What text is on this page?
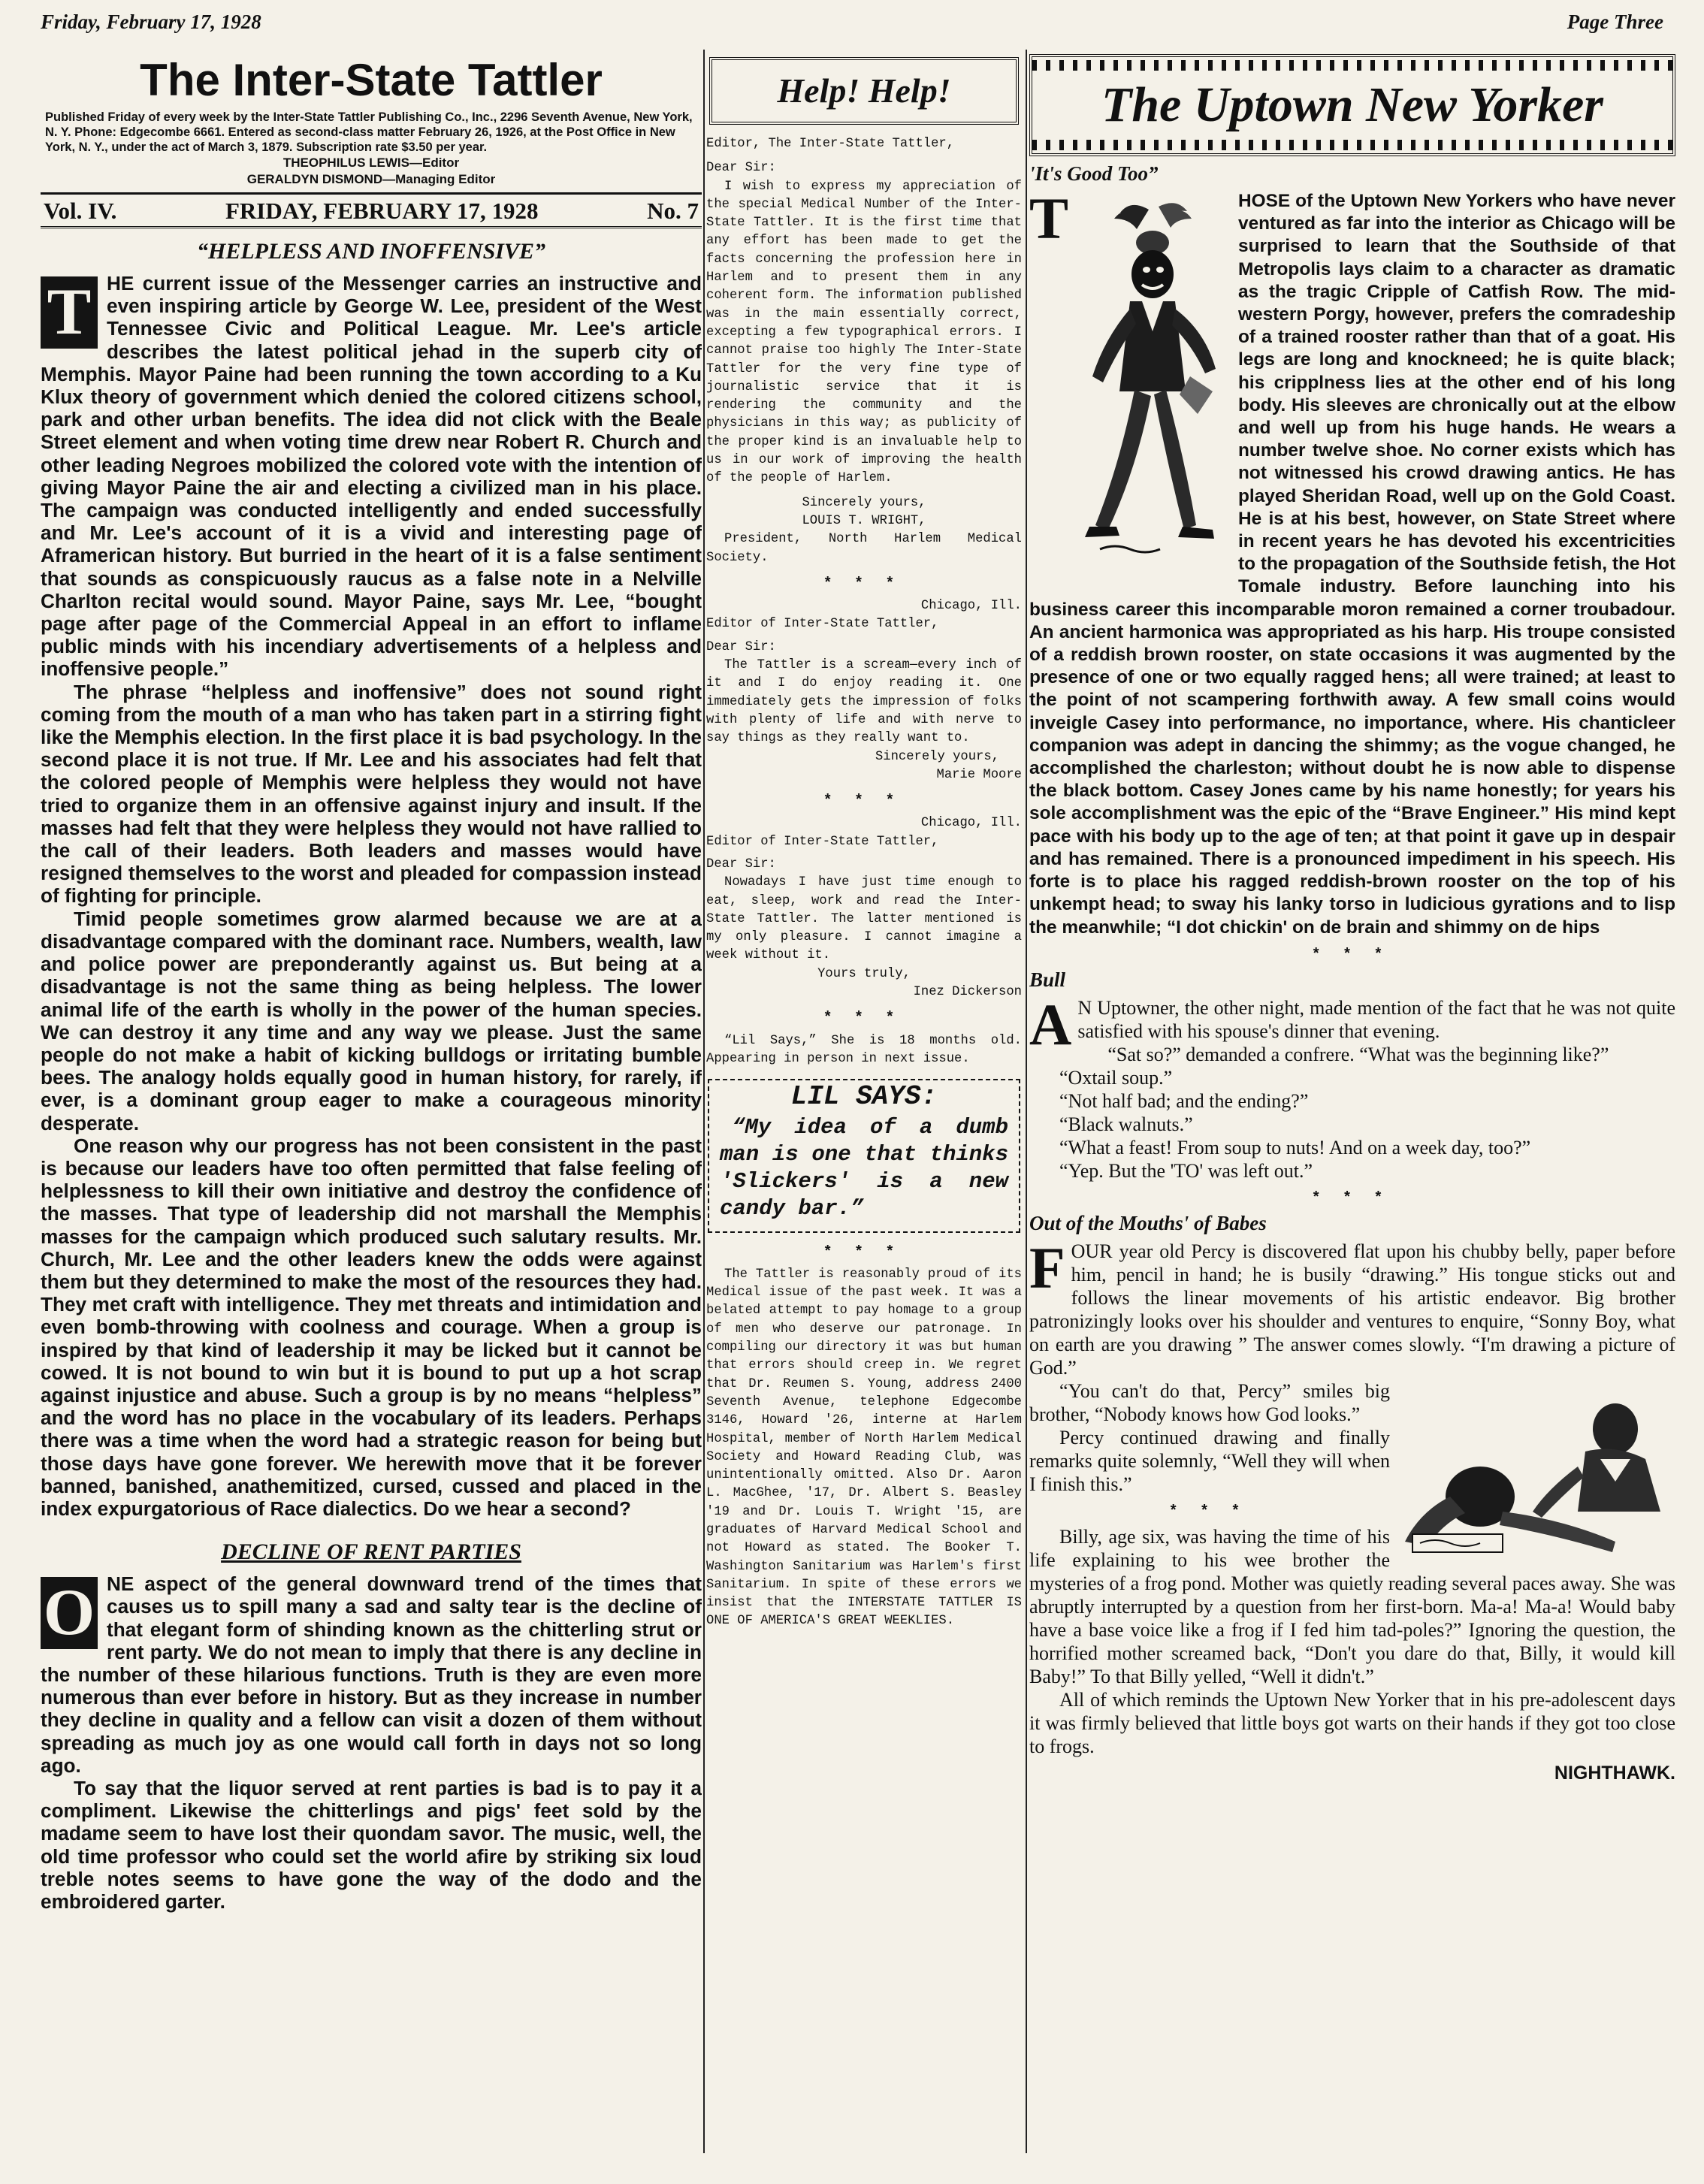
Friday, February 17, 1928	Page Three
The Inter-State Tattler
Published Friday of every week by the Inter-State Tattler Publishing Co., Inc., 2296 Seventh Avenue, New York, N. Y. Phone: Edgecombe 6661. Entered as second-class matter February 26, 1926, at the Post Office in New York, N. Y., under the act of March 3, 1879. Subscription rate $3.50 per year.
THEOPHILUS LEWIS—Editor
GERALDYN DISMOND—Managing Editor
Vol. IV.	FRIDAY, FEBRUARY 17, 1928	No. 7
“HELPLESS AND INOFFENSIVE”

T HE current issue of the Messenger carries an instructive and even inspiring article by George W. Lee, president of the West Tennessee Civic and Political League. Mr. Lee's article describes the latest political jehad in the superb city of Memphis. Mayor Paine had been running the town according to a Ku Klux theory of government which denied the colored citizens school, park and other urban benefits. The idea did not click with the Beale Street element and when voting time drew near Robert R. Church and other leading Negroes mobilized the colored vote with the intention of giving Mayor Paine the air and electing a civilized man in his place. The campaign was conducted intelligently and ended successfully and Mr. Lee's account of it is a vivid and interesting page of Aframerican history. But burried in the heart of it is a false sentiment that sounds as conspicuously raucus as a false note in a Nelville Charlton recital would sound. Mayor Paine, says Mr. Lee, “bought page after page of the Commercial Appeal in an effort to inflame public minds with his incendiary advertisements of a helpless and inoffensive people.”

The phrase “helpless and inoffensive” does not sound right coming from the mouth of a man who has taken part in a stirring fight like the Memphis election. In the first place it is bad psychology. In the second place it is not true. If Mr. Lee and his associates had felt that the colored people of Memphis were helpless they would not have tried to organize them in an offensive against injury and insult. If the masses had felt that they were helpless they would not have rallied to the call of their leaders. Both leaders and masses would have resigned themselves to the worst and pleaded for compassion instead of fighting for principle.

Timid people sometimes grow alarmed because we are at a disadvantage compared with the dominant race. Numbers, wealth, law and police power are preponderantly against us. But being at a disadvantage is not the same thing as being helpless. The lower animal life of the earth is wholly in the power of the human species. We can destroy it any time and any way we please. Just the same people do not make a habit of kicking bulldogs or irritating bumble bees. The analogy holds equally good in human history, for rarely, if ever, is a dominant group eager to make a courageous minority desperate.

One reason why our progress has not been consistent in the past is because our leaders have too often permitted that false feeling of helplessness to kill their own initiative and destroy the confidence of the masses. That type of leadership did not marshall the Memphis masses for the campaign which produced such salutary results. Mr. Church, Mr. Lee and the other leaders knew the odds were against them but they determined to make the most of the resources they had. They met craft with intelligence. They met threats and intimidation and even bomb-throwing with coolness and courage. When a group is inspired by that kind of leadership it may be licked but it cannot be cowed. It is not bound to win but it is bound to put up a hot scrap against injustice and abuse. Such a group is by no means “helpless” and the word has no place in the vocabulary of its leaders. Perhaps there was a time when the word had a strategic reason for being but those days have gone forever. We herewith move that it be forever banned, banished, anathemitized, cursed, cussed and placed in the index expurgatorious of Race dialectics. Do we hear a second?

DECLINE OF RENT PARTIES

O NE aspect of the general downward trend of the times that causes us to spill many a sad and salty tear is the decline of that elegant form of shinding known as the chitterling strut or rent party. We do not mean to imply that there is any decline in the number of these hilarious functions. Truth is they are even more numerous than ever before in history. But as they increase in number they decline in quality and a fellow can visit a dozen of them without spreading as much joy as one would call forth in days not so long ago.

To say that the liquor served at rent parties is bad is to pay it a compliment. Likewise the chitterlings and pigs' feet sold by the madame seem to have lost their quondam savor. The music, well, the old time professor who could set the world afire by striking six loud treble notes seems to have gone the way of the dodo and the embroidered garter.

Help! Help!

Editor, The Inter-State Tattler,

Dear Sir:

I wish to express my appreciation of the special Medical Number of the Inter-State Tattler. It is the first time that any effort has been made to get the facts concerning the profession here in Harlem and to present them in any coherent form. The information published was in the main essentially correct, excepting a few typographical errors. I cannot praise too highly The Inter-State Tattler for the very fine type of journalistic service that it is rendering the community and the physicians in this way; as publicity of the proper kind is an invaluable help to us in our work of improving the health of the people of Harlem.

Sincerely yours,

LOUIS T. WRIGHT,

President, North Harlem Medical Society.

* * *

Chicago, Ill.

Editor of Inter-State Tattler,

Dear Sir:

The Tattler is a scream—every inch of it and I do enjoy reading it. One immediately gets the impression of folks with plenty of life and with nerve to say things as they really want to.

Sincerely yours,

Marie Moore

* * *

Chicago, Ill.

Editor of Inter-State Tattler,

Dear Sir:

Nowadays I have just time enough to eat, sleep, work and read the Inter-State Tattler. The latter mentioned is my only pleasure. I cannot imagine a week without it.

Yours truly,

Inez Dickerson

* * *

“Lil Says,” She is 18 months old. Appearing in person in next issue.

LIL SAYS:
“My idea of a dumb man is one that thinks 'Slickers' is a new candy bar.”
* * *

The Tattler is reasonably proud of its Medical issue of the past week. It was a belated attempt to pay homage to a group of men who deserve our patronage. In compiling our directory it was but human that errors should creep in. We regret that Dr. Reumen S. Young, address 2400 Seventh Avenue, telephone Edgecombe 3146, Howard '26, interne at Harlem Hospital, member of North Harlem Medical Society and Howard Reading Club, was unintentionally omitted. Also Dr. Aaron L. MacGhee, '17, Dr. Albert S. Beasley '19 and Dr. Louis T. Wright '15, are graduates of Harvard Medical School and not Howard as stated. The Booker T. Washington Sanitarium was Harlem's first Sanitarium. In spite of these errors we insist that the INTERSTATE TATTLER IS ONE OF AMERICA'S GREAT WEEKLIES.

The Uptown New Yorker
'It's Good Too”
T	HOSE of the Uptown New Yorkers who have never ventured as far into the interior as Chicago will be surprised to learn that the Southside of that Metropolis lays claim to a character as dramatic as the tragic Cripple of Catfish Row. The mid-western Porgy, however, prefers the comradeship of a trained rooster rather than that of a goat. His legs are long and knockneed; he is quite black; his cripplness lies at the other end of his long body. His sleeves are chronically out at the elbow and well up from his huge hands. He wears a number twelve shoe. No corner exists which has not witnessed his crowd drawing antics. He has played Sheridan Road, well up on the Gold Coast. He is at his best, however, on State Street where in recent years he has devoted his excentricities to the propagation of the Southside fetish, the Hot Tomale industry. Before launching into his business career this incomparable moron remained a corner troubadour. An ancient harmonica was appropriated as his harp. His troupe consisted of a reddish brown rooster, on state occasions it was augmented by the presence of one or two equally ragged hens; all were trained; at least to the point of not scampering forthwith away. A few small coins would inveigle Casey into performance, no importance, where. His chanticleer companion was adept in dancing the shimmy; as the vogue changed, he accomplished the charleston; without doubt he is now able to dispense the black bottom. Casey Jones came by his name honestly; for years his sole accomplishment was the epic of the “Brave Engineer.” His mind kept pace with his body up to the age of ten; at that point it gave up in despair and has remained. There is a pronounced impediment in his speech. His forte is to place his ragged reddish-brown rooster on the top of his unkempt head; to sway his lanky torso in ludicious gyrations and to lisp the meanwhile; “I dot chickin' on de brain and shimmy on de hips
* * *
Bull

A N Uptowner, the other night, made mention of the fact that he was not quite satisfied with his spouse's dinner that evening.

“Sat so?” demanded a confrere. “What was the beginning like?”

“Oxtail soup.”

“Not half bad; and the ending?”

“Black walnuts.”

“What a feast! From soup to nuts! And on a week day, too?”

“Yep. But the 'TO' was left out.”

* * *
Out of the Mouths' of Babes

FOUR year old Percy is discovered flat upon his chubby belly, paper before him, pencil in hand; he is busily “drawing.” His tongue sticks out and follows the linear movements of his artistic endeavor. Big brother patronizingly looks over his shoulder and ventures to enquire, “Sonny Boy, what on earth are you drawing ” The answer comes slowly. “I'm drawing a picture of God.”

“You can't do that, Percy” smiles big brother, “Nobody knows how God looks.”

Percy continued drawing and finally remarks quite solemnly, “Well they will when I finish this.”

* * *

Billy, age six, was having the time of his life explaining to his wee brother the mysteries of a frog pond. Mother was quietly reading several paces away. She was abruptly interrupted by a question from her first-born. Ma-a! Ma-a! Would baby have a base voice like a frog if I fed him tad-poles?” Ignoring the question, the horrified mother screamed back, “Don't you dare do that, Billy, it would kill Baby!” To that Billy yelled, “Well it didn't.”

All of which reminds the Uptown New Yorker that in his pre-adolescent days it was firmly believed that little boys got warts on their hands if they got too close to frogs.

NIGHTHAWK.
